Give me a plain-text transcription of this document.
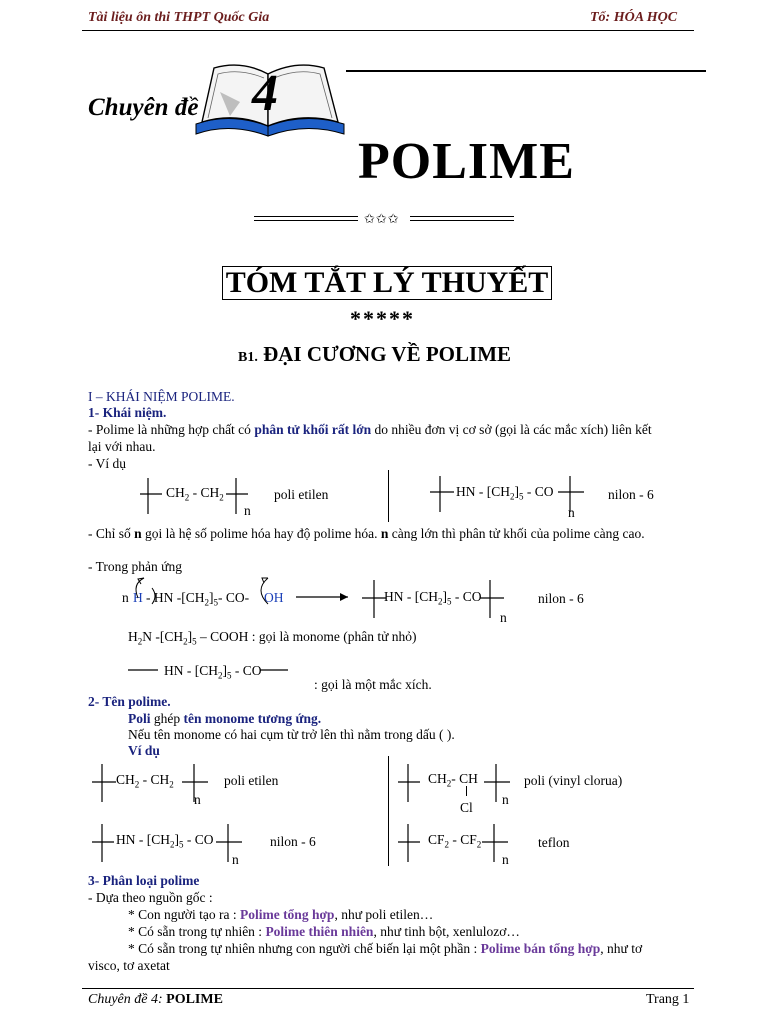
Tài liệu ôn thi THPT Quốc Gia	Tổ: HÓA HỌC
Chuyên đề 4
POLIME
✩✩✩
TÓM TẮT LÝ THUYẾT
*****
B1. ĐẠI CƯƠNG VỀ POLIME
I – KHÁI NIỆM POLIME.
1- Khái niệm.
- Polime là những hợp chất có phân tử khối rất lớn do nhiều đơn vị cơ sở (gọi là các mắc xích) liên kết
lại với nhau.
- Ví dụ
$CH_2 - CH_2$
n
poli etilen	HN - $[CH_2]_5$ - CO
n
nilon - 6
- Chỉ số n gọi là hệ số polime hóa hay độ polime hóa. n càng lớn thì phân tử khối của polime càng cao.
- Trong phản ứng
n H - HN $-[CH_2]_5-$ CO- OH	HN - $[CH_2]_5$ - CO
n
nilon - 6
$H_2N$ $-[CH_2]_5$ – COOH : gọi là monome (phân tử nhỏ)
HN - $[CH_2]_5$ - CO
: gọi là một mắc xích.
2- Tên polime.
Poli ghép tên monome tương ứng.
Nếu tên monome có hai cụm từ trở lên thì nằm trong dấu ( ).
Ví dụ
$CH_2 - CH_2$
n
poli etilen	$CH_2-$ CH
Cl
n
poli (vinyl clorua)
HN - $[CH_2]_5$ - CO
n
nilon - 6	$CF_2 - CF_2$
n
teflon
3- Phân loại polime
- Dựa theo nguồn gốc :
* Con người tạo ra : Polime tổng hợp, như poli etilen…
* Có sẵn trong tự nhiên : Polime thiên nhiên, như tinh bột, xenlulozơ…
* Có sẵn trong tự nhiên nhưng con người chế biến lại một phần : Polime bán tổng hợp, như tơ
visco, tơ axetat
Chuyên đề 4: POLIME	Trang 1
